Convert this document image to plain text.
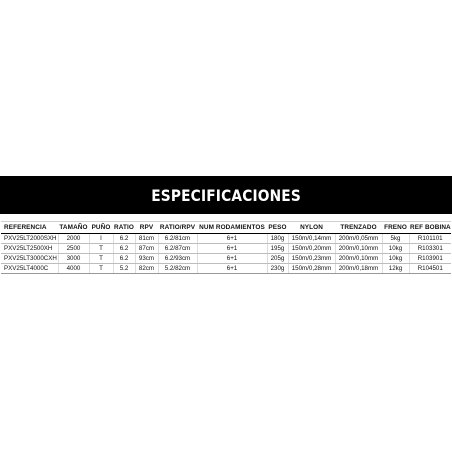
ESPECIFICACIONES
REFERENCIA	TAMAÑO	PUÑO	RATIO	RPV	RATIO/RPV	NUM RODAMIENTOS	PESO	NYLON	TRENZADO	FRENO	REF BOBINA
PXV25LT2000SXH	2000	I	6.2	81cm	6.2/81cm	6+1	180g	150m/0,14mm	200m/0,05mm	5kg	R101101
PXV25LT2500XH	2500	T	6.2	87cm	6.2/87cm	6+1	195g	150m/0,20mm	200m/0,10mm	10kg	R103301
PXV25LT3000CXH	3000	T	6.2	93cm	6.2/93cm	6+1	205g	150m/0,23mm	200m/0,10mm	10kg	R103901
PXV25LT4000C	4000	T	5.2	82cm	5.2/82cm	6+1	230g	150m/0,28mm	200m/0,18mm	12kg	R104501
